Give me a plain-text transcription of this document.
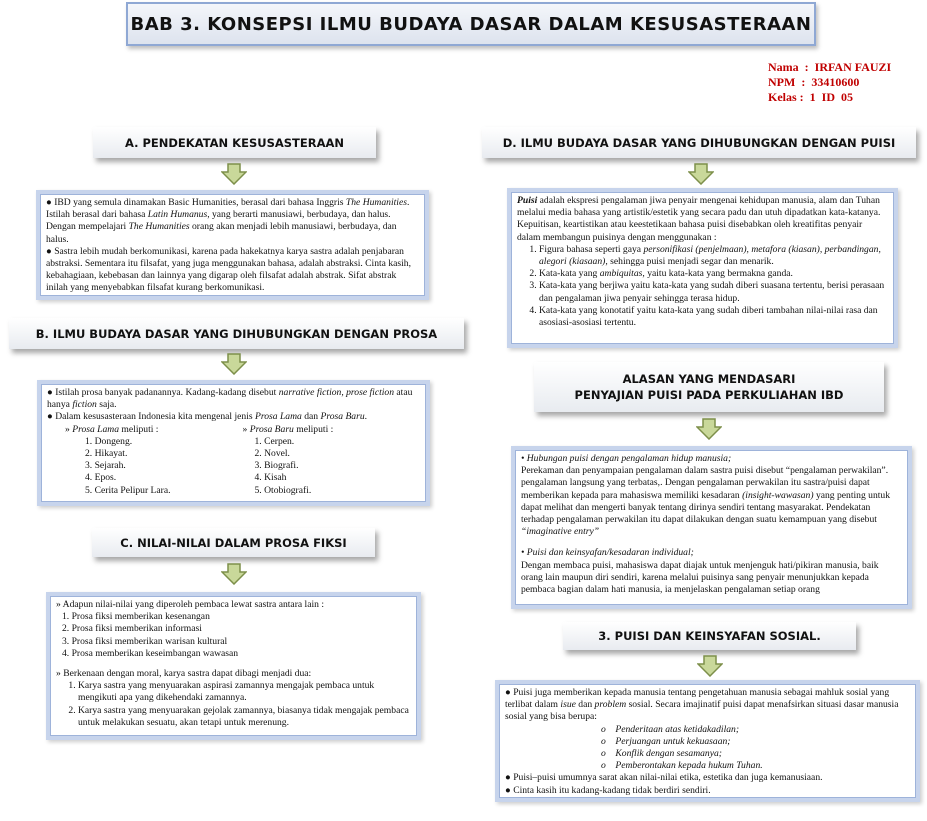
BAB 3. KONSEPSI ILMU BUDAYA DASAR DALAM KESUSASTERAAN
Nama  :  IRFAN FAUZI
NPM  :  33410600
Kelas :  1  ID  05
A. PENDEKATAN KESUSASTERAAN

● IBD yang semula dinamakan Basic Humanities, berasal dari bahasa Inggris The Humanities. Istilah berasal dari bahasa Latin Humanus, yang berarti manusiawi, berbudaya, dan halus. Dengan mempelajari The Humanities orang akan menjadi lebih manusiawi, berbudaya, dan halus.

● Sastra lebih mudah berkomunikasi, karena pada hakekatnya karya sastra adalah penjabaran abstraksi. Sementara itu filsafat, yang juga menggunakan bahasa, adalah abstraksi. Cinta kasih, kebahagiaan, kebebasan dan lainnya yang digarap oleh filsafat adalah abstrak. Sifat abstrak inilah yang menyebabkan filsafat kurang berkomunikasi.

B. ILMU BUDAYA DASAR YANG DIHUBUNGKAN DENGAN PROSA

● Istilah prosa banyak padanannya. Kadang-kadang disebut narrative fiction, prose fiction atau hanya fiction saja.

● Dalam kesusasteraan Indonesia kita mengenal jenis Prosa Lama dan Prosa Baru.

» Prosa Lama meliputi :
1. Dongeng.
2. Hikayat.
3. Sejarah.
4. Epos.
5. Cerita Pelipur Lara.
» Prosa Baru meliputi :
1. Cerpen.
2. Novel.
3. Biografi.
4. Kisah
5. Otobiografi.
C. NILAI-NILAI DALAM PROSA FIKSI

» Adapun nilai-nilai yang diperoleh pembaca lewat sastra antara lain :

1. Prosa fiksi memberikan kesenangan
2. Prosa fiksi memberikan informasi
3. Prosa fiksi memberikan warisan kultural
4. Prosa memberikan keseimbangan wawasan

» Berkenaan dengan moral, karya sastra dapat dibagi menjadi dua:

1. Karya sastra yang menyuarakan aspirasi zamannya mengajak pembaca untuk mengikuti apa yang dikehendaki zamannya.
2. Karya sastra yang menyuarakan gejolak zamannya, biasanya tidak mengajak pembaca untuk melakukan sesuatu, akan tetapi untuk merenung.
D. ILMU BUDAYA DASAR YANG DIHUBUNGKAN DENGAN PUISI

Puisi adalah ekspresi pengalaman jiwa penyair mengenai kehidupan manusia, alam dan Tuhan melalui media bahasa yang artistik/estetik yang secara padu dan utuh dipadatkan kata-katanya.

Kepuitisan, keartistikan atau keestetikaan bahasa puisi disebabkan oleh kreatifitas penyair dalam membangun puisinya dengan menggunakan :

1. Figura bahasa seperti gaya personifikasi (penjelmaan), metafora (kiasan), perbandingan, alegori (kiasaan), sehingga puisi menjadi segar dan menarik.
2. Kata-kata yang ambiquitas, yaitu kata-kata yang bermakna ganda.
3. Kata-kata yang berjiwa yaitu kata-kata yang sudah diberi suasana tertentu, berisi perasaan dan pengalaman jiwa penyair sehingga terasa hidup.
4. Kata-kata yang konotatif yaitu kata-kata yang sudah diberi tambahan nilai-nilai rasa dan asosiasi-asosiasi tertentu.
ALASAN YANG MENDASARI
PENYAJIAN PUISI PADA PERKULIAHAN IBD

• Hubungan puisi dengan pengalaman hidup manusia;

Perekaman dan penyampaian pengalaman dalam sastra puisi disebut “pengalaman perwakilan”. pengalaman langsung yang terbatas,. Dengan pengalaman perwakilan itu sastra/puisi dapat memberikan kepada para mahasiswa memiliki kesadaran (insight-wawasan) yang penting untuk dapat melihat dan mengerti banyak tentang dirinya sendiri tentang masyarakat. Pendekatan terhadap pengalaman perwakilan itu dapat dilakukan dengan suatu kemampuan yang disebut “imaginative entry”

• Puisi dan keinsyafan/kesadaran individual;

Dengan membaca puisi, mahasiswa dapat diajak untuk menjenguk hati/pikiran manusia, baik orang lain maupun diri sendiri, karena melalui puisinya sang penyair menunjukkan kepada pembaca bagian dalam hati manusia, ia menjelaskan pengalaman setiap orang

3. PUISI DAN KEINSYAFAN SOSIAL.

● Puisi juga memberikan kepada manusia tentang pengetahuan manusia sebagai mahluk sosial yang terlibat dalam isue dan problem sosial. Secara imajinatif puisi dapat menafsirkan situasi dasar manusia sosial yang bisa berupa:

o    Penderitaan atas ketidakadilan;
o    Perjuangan untuk kekuasaan;
o    Konflik dengan sesamanya;
o    Pemberontakan kepada hukum Tuhan.

● Puisi–puisi umumnya sarat akan nilai-nilai etika, estetika dan juga kemanusiaan.

● Cinta kasih itu kadang-kadang tidak berdiri sendiri.
